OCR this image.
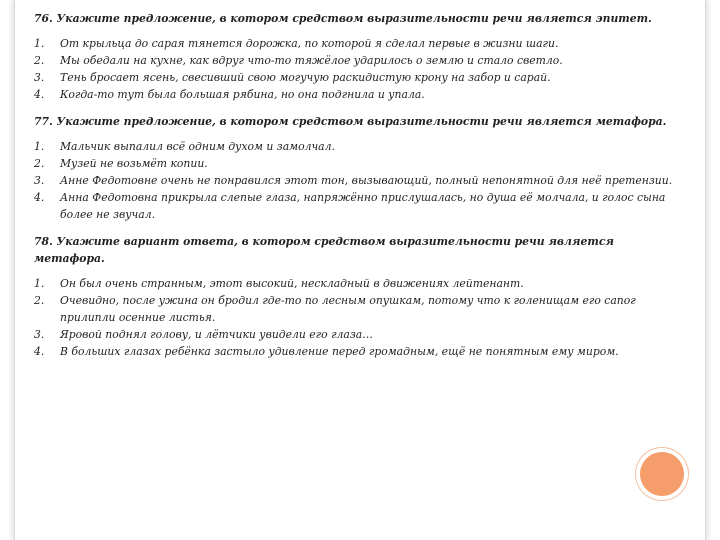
76. Укажите предложение, в котором средством выразительности речи является эпитет.

1.	От крыльца до сарая тянется дорожка, по которой я сделал первые в жизни шаги.
2.	Мы обедали на кухне, как вдруг что-то тяжёлое ударилось о землю и стало светло.
3.	Тень бросает ясень, свесивший свою могучую раскидистую крону на забор и сарай.
4.	Когда-то тут была большая рябина, но она подгнила и упала.

77. Укажите предложение, в котором средством выразительности речи является метафора.

1.	Мальчик выпалил всё одним духом и замолчал.
2.	Музей не возьмёт копии.
3.	Анне Федотовне очень не понравился этот тон, вызывающий, полный непонятной для неё претензии.
4.	Анна Федотовна прикрыла слепые глаза, напряжённо прислушалась, но душа её молчала, и голос сына более не звучал.

78. Укажите вариант ответа, в котором средством выразительности речи является метафора.

1.	Он был очень странным, этот высокий, нескладный в движениях лейтенант.
2.	Очевидно, после ужина он бродил где-то по лесным опушкам, потому что к голенищам его сапог прилипли осенние листья.
3.	Яровой поднял голову, и лётчики увидели его глаза…
4.	В больших глазах ребёнка застыло удивление перед громадным, ещё не понятным ему миром.
